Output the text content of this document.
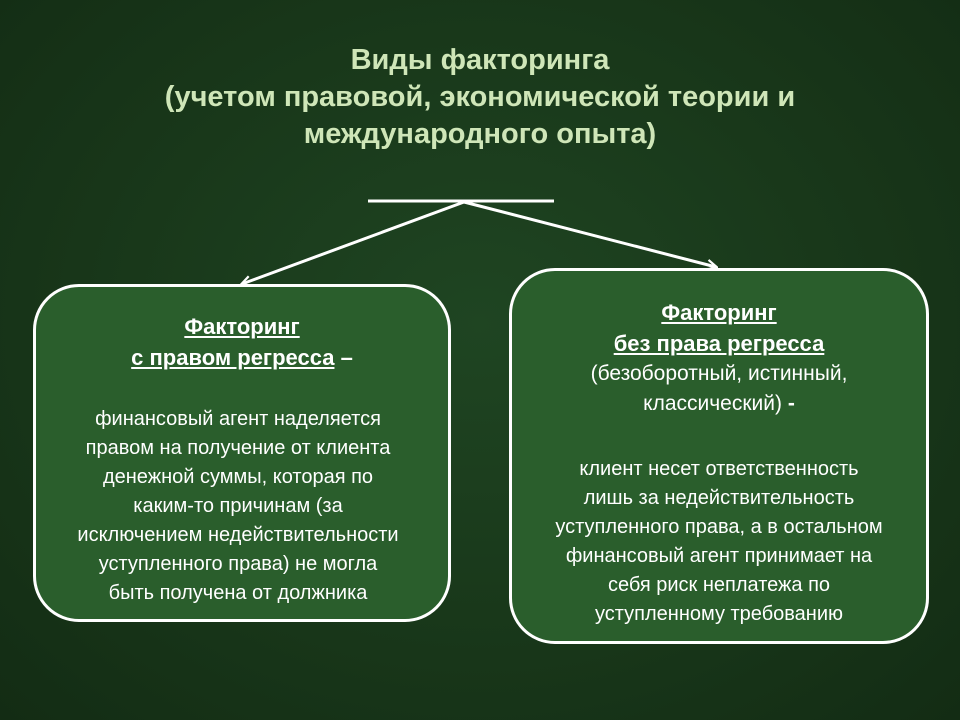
Виды факторинга
(учетом правовой, экономической теории и
международного опыта)
Факторинг
с правом регресса –
финансовый агент наделяется
правом на получение от клиента
денежной суммы, которая по
каким-то причинам (за
исключением недействительности
уступленного права) не могла
быть получена от должника
Факторинг
без права регресса
(безоборотный, истинный,
классический) -
клиент несет ответственность
лишь за недействительность
уступленного права, а в остальном
финансовый агент принимает на
себя риск неплатежа по
уступленному требованию
